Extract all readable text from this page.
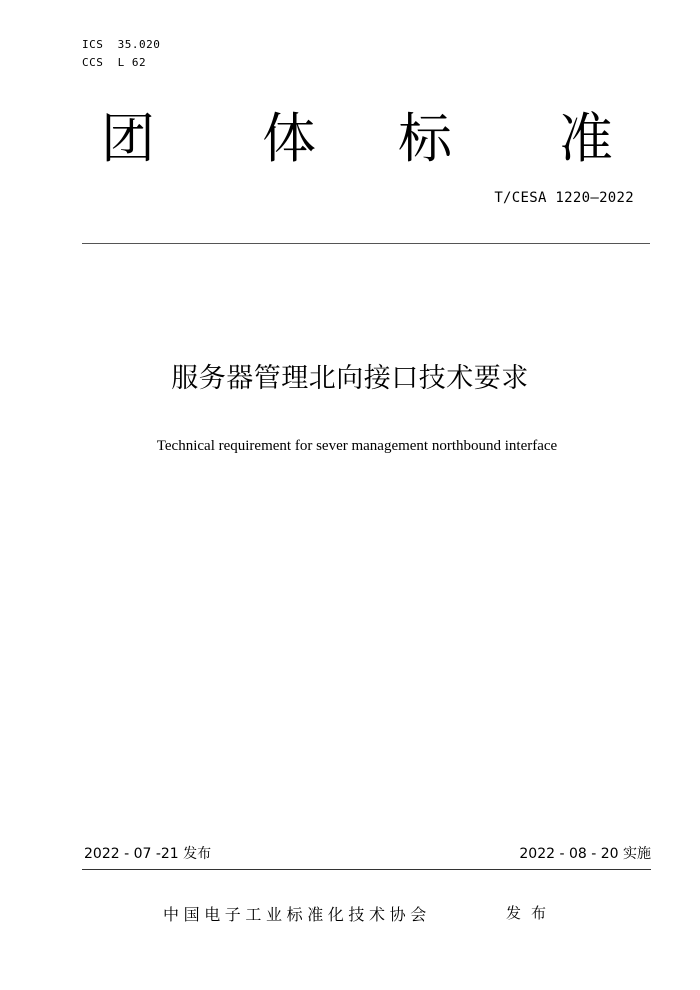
ICS  35.020
CCS  L 62
团 体 标 准
T/CESA 1220—2022
服务器管理北向接口技术要求
Technical requirement for sever management northbound interface
2022 - 07 -21 发布	2022 - 08 - 20 实施
中国电子工业标准化技术协会	发布
